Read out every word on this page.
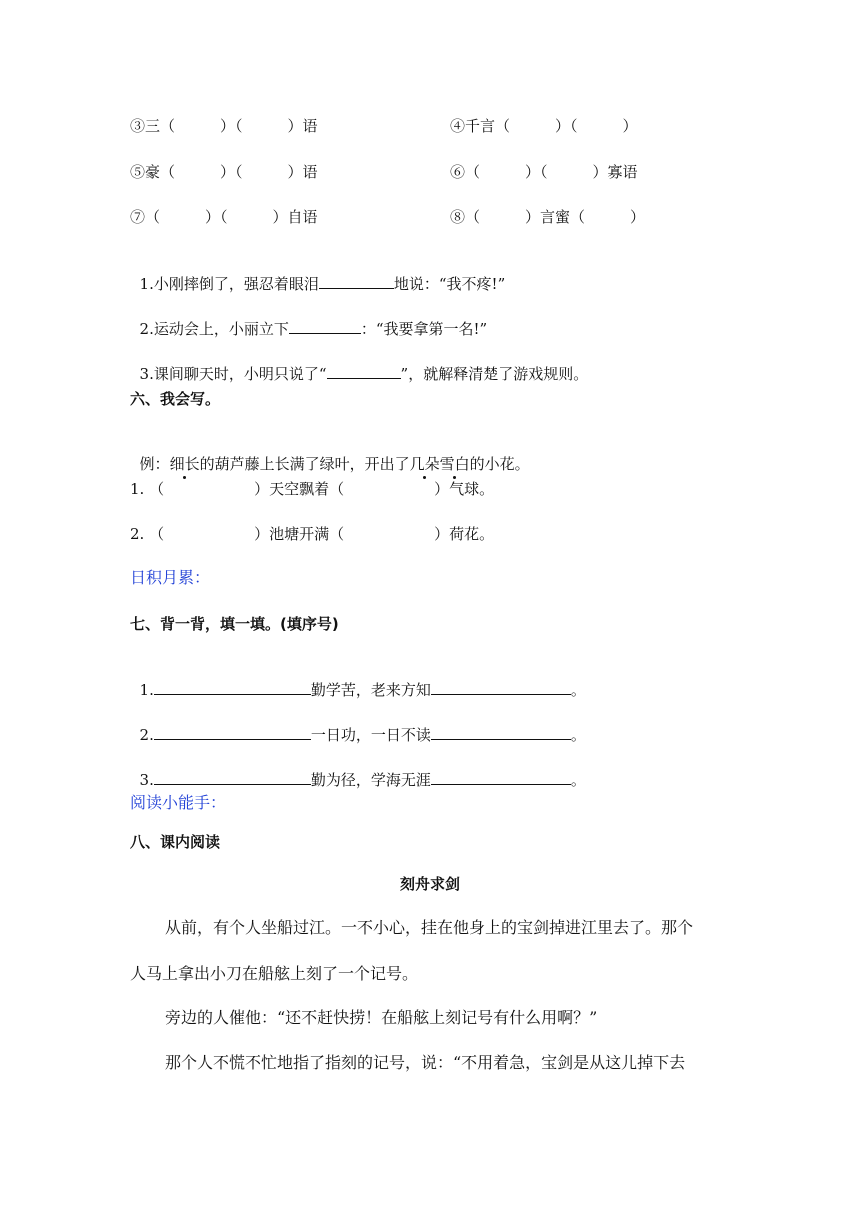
③三（　　　）（　　　）语	④千言（　　　）（　　　）
⑤豪（　　　）（　　　）语	⑥（　　　）（　　　）寡语
⑦（　　　）（　　　）自语	⑧（　　　）言蜜（　　　）

1.小刚摔倒了，强忍着眼泪	地说：“我不疼!”

2.运动会上，小丽立下	：“我要拿第一名!”

3.课间聊天时，小明只说了“	”，就解释清楚了游戏规则。

六、我会写。

例：细长的葫芦藤上长满了绿叶，开出了几朵雪白的小花。

1. （　　　　　　）天空飘着（　　　　　　）气球。
2. （　　　　　　）池塘开满（　　　　　　）荷花。
日积月累：
七、背一背，填一填。(填序号)

1.	勤学苦，老来方知	。

2.	一日功，一日不读	。

3.	勤为径，学海无涯	。

阅读小能手：
八、课内阅读
刻舟求剑
从前，有个人坐船过江。一不小心，挂在他身上的宝剑掉进江里去了。那个
人马上拿出小刀在船舷上刻了一个记号。
旁边的人催他：“还不赶快捞！在船舷上刻记号有什么用啊？”
那个人不慌不忙地指了指刻的记号，说：“不用着急，宝剑是从这儿掉下去
